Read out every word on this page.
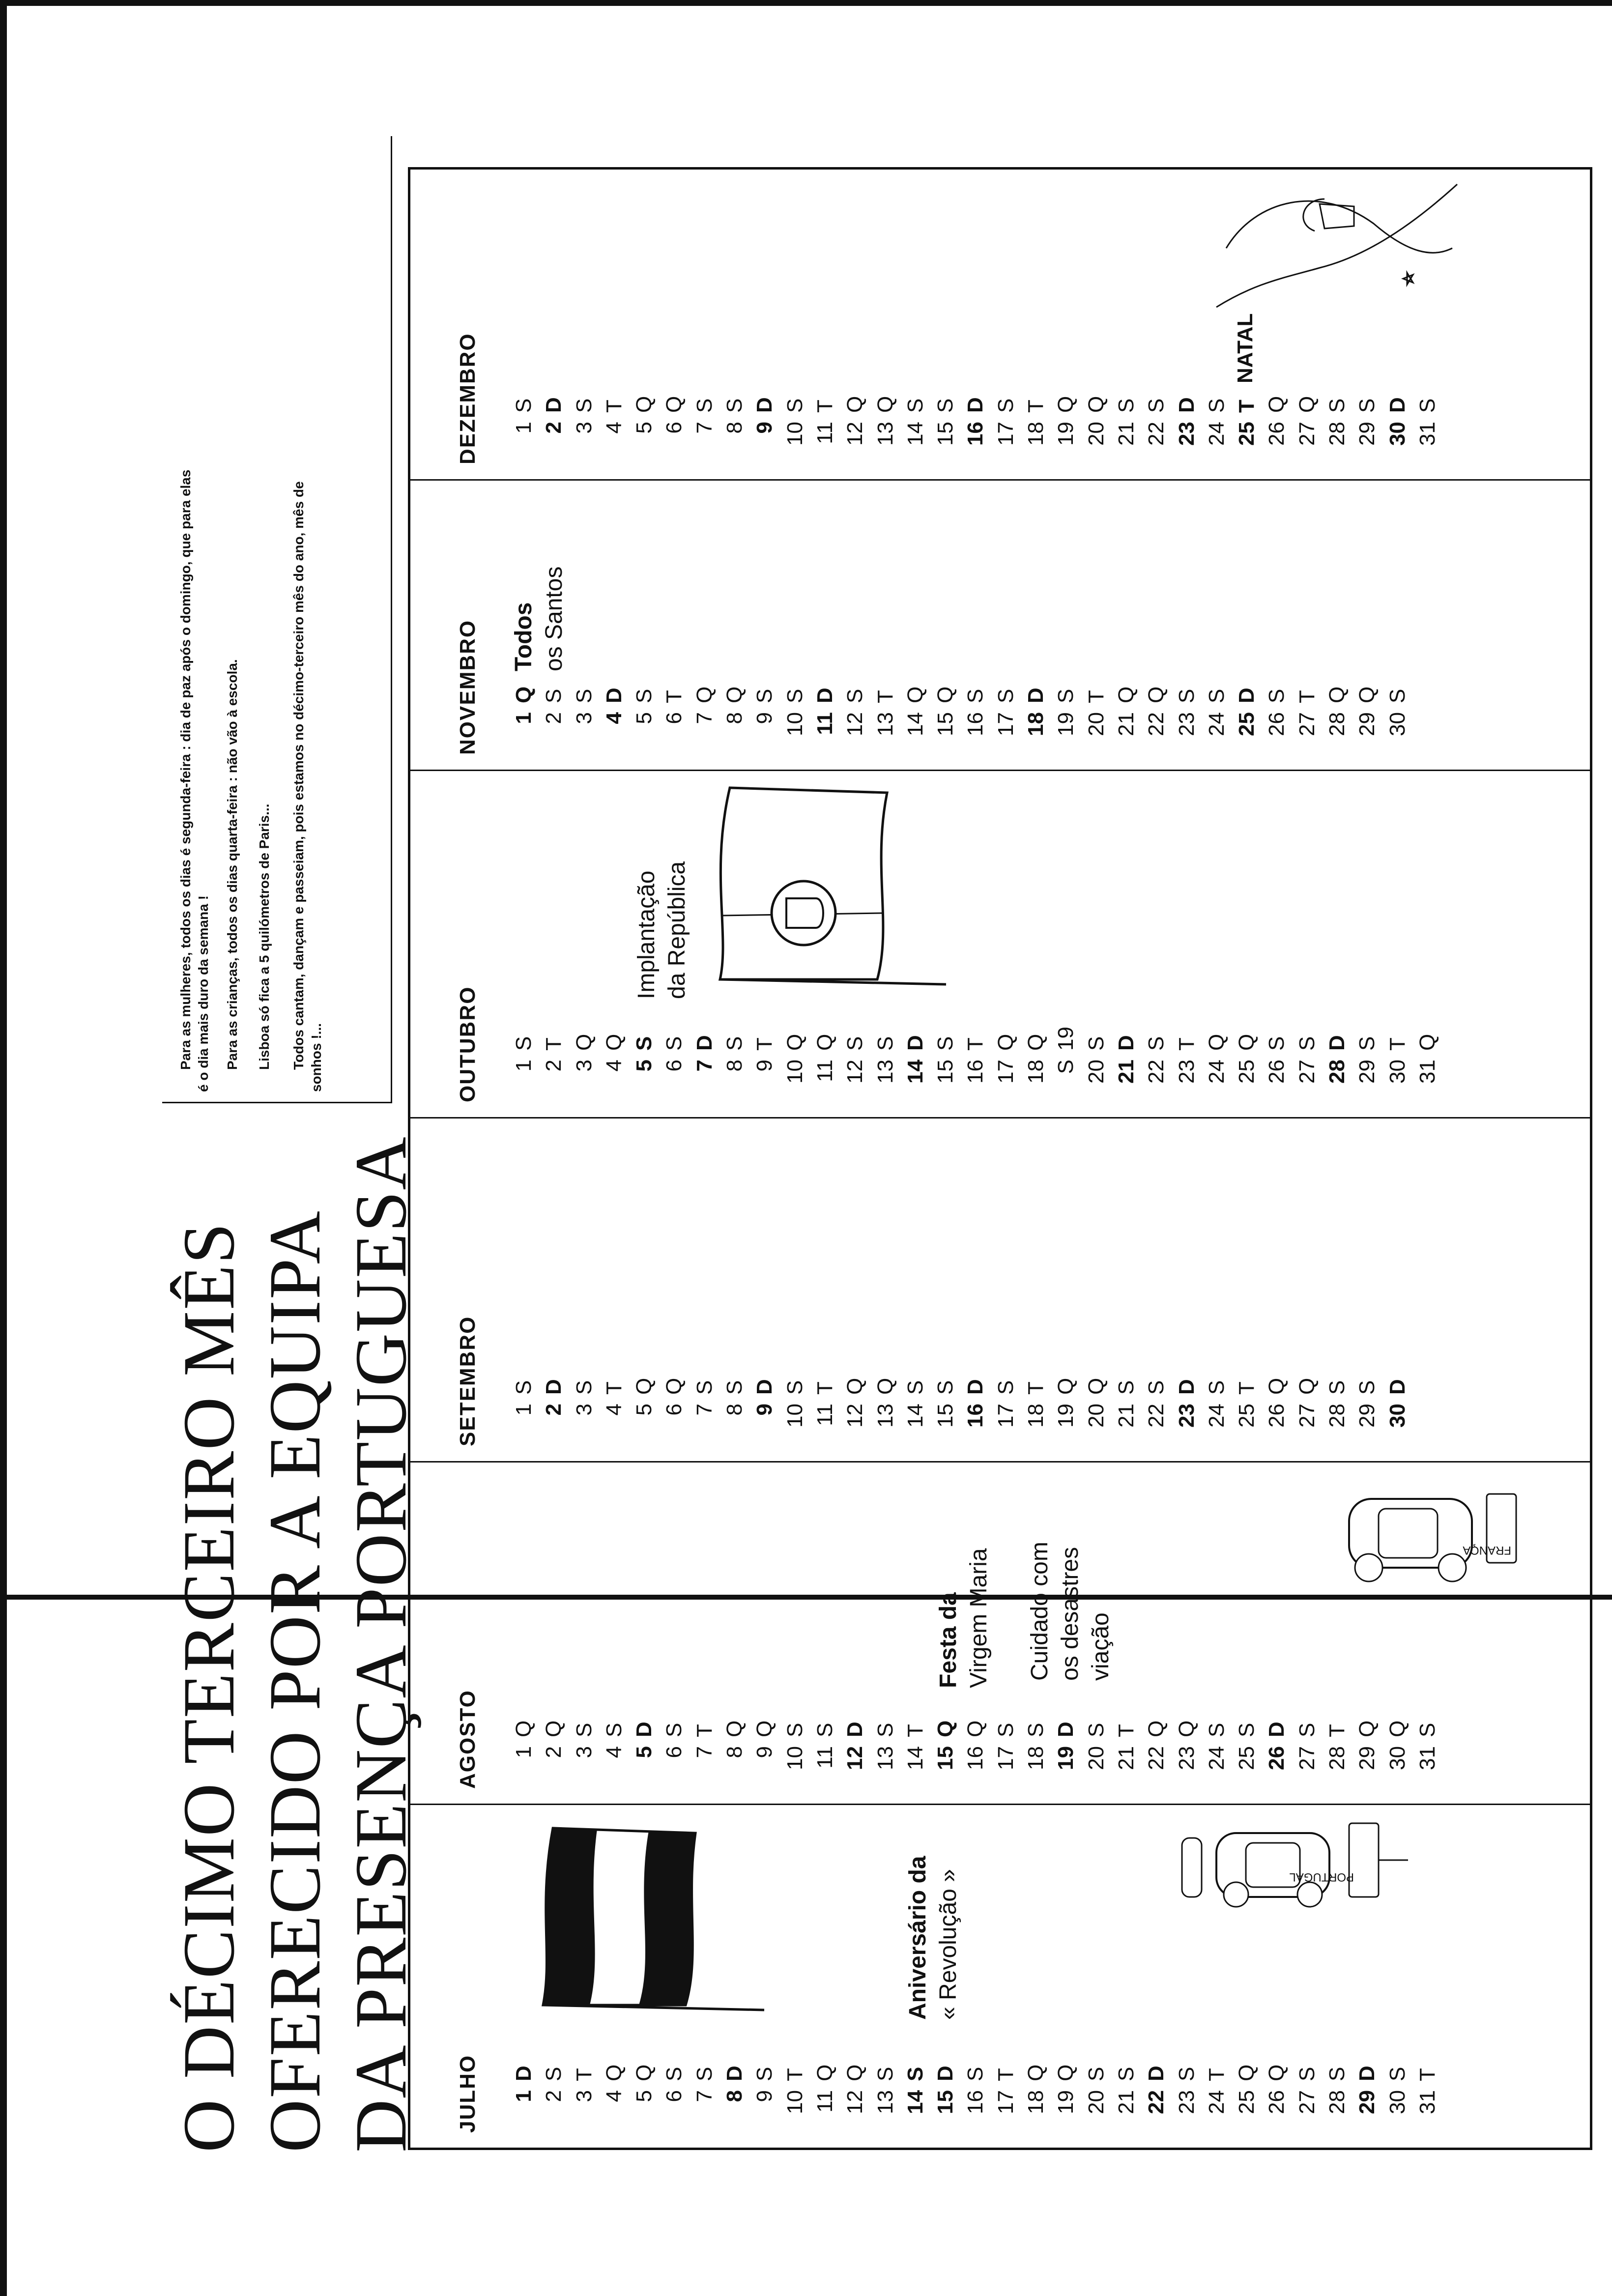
O DÉCIMO TERCEIRO MÊS OFERECIDO POR A EQUIPA DA PRESENÇA PORTUGUESA
Para as mulheres, todos os dias é segunda-feira : dia de paz após o domingo, que para elas é o dia mais duro da semana ! Para as crianças, todos os dias quarta-feira : não vão à escola. Lisboa só fica a 5 quilómetros de Paris... Todos cantam, dançam e passeiam, pois estamos no décimo-terceiro mês do ano, mês de sonhos !...
JULHO 1D
2S
3T
4Q
5Q
6S
7S
8D
9S
10T
11Q
12Q
13S
14S
15D
16S
17T
18Q
19Q
20S
21S
22D
23S
24T
25Q
26Q
27S
28S
29D
30S
31T
Aniversário da « Revolução »	PORTUGAL
AGOSTO 1Q
2Q
3S
4S
5D
6S
7T
8Q
9Q
10S
11S
12D
13S
14T
15Q
16Q
17S
18S
19D
20S
21T
22Q
23Q
24S
25S
26D
27S
28T
29Q
30Q
31S
Festa da Virgem Maria Cuidado com os desastres viação
FRANÇA
SETEMBRO 1S
2D
3S
4T
5Q
6Q
7S
8S
9D
10S
11T
12Q
13Q
14S
15S
16D
17S
18T
19Q
20Q
21S
22S
23D
24S
25T
26Q
27Q
28S
29S
30D
OUTUBRO 1S
2T
3Q
4Q
5S
6S
7D
8S
9T
10Q
11Q
12S
13S
14D
15S
16T
17Q
18Q
S19
20S
21D
22S
23T
24Q
25Q
26S
27S
28D
29S
30T
31Q
Implantação da República
NOVEMBRO 1Q
2S
3S
4D
5S
6T
7Q
8Q
9S
10S
11D
12S
13T
14Q
15Q
16S
17S
18D
19S
20T
21Q
22Q
23S
24S
25D
26S
27T
28Q
29Q
30S
Todos os Santos
DEZEMBRO 1S
2D
3S
4T
5Q
6Q
7S
8S
9D
10S
11T
12Q
13Q
14S
15S
16D
17S
18T
19Q
20Q
21S
22S
23D
24S
25T
26Q
27Q
28S
29S
30D
31S
NATAL
